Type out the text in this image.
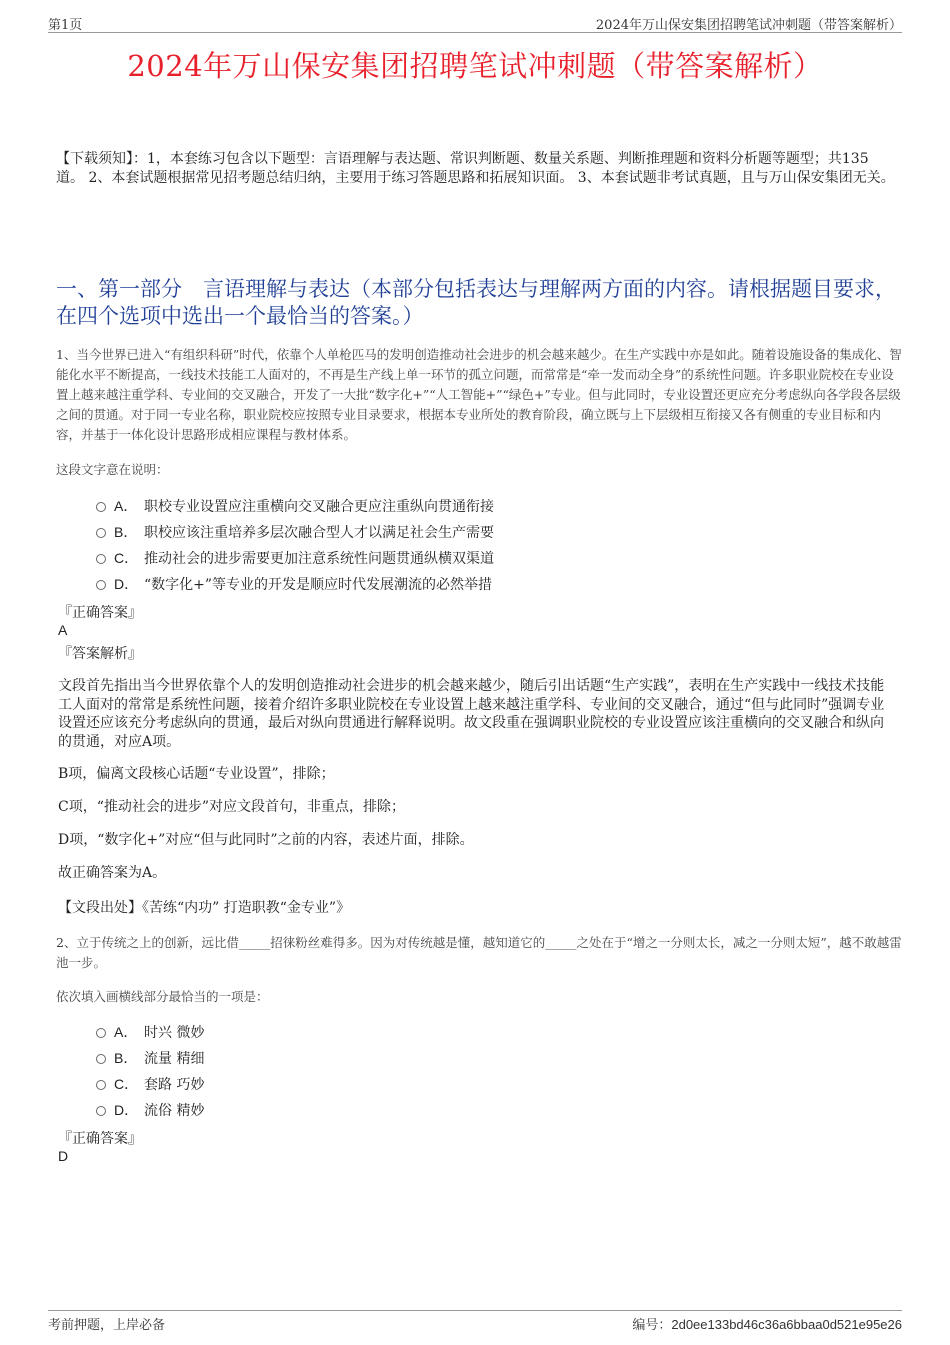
第1页	2024年万山保安集团招聘笔试冲刺题（带答案解析）
2024年万山保安集团招聘笔试冲刺题（带答案解析）
【下载须知】：1，本套练习包含以下题型：言语理解与表达题、常识判断题、数量关系题、判断推理题和资料分析题等题型；共135道。 2、本套试题根据常见招考题总结归纳，主要用于练习答题思路和拓展知识面。 3、本套试题非考试真题，且与万山保安集团无关。
一、第一部分　言语理解与表达（本部分包括表达与理解两方面的内容。请根据题目要求，在四个选项中选出一个最恰当的答案。）
1、当今世界已进入“有组织科研”时代，依靠个人单枪匹马的发明创造推动社会进步的机会越来越少。在生产实践中亦是如此。随着设施设备的集成化、智能化水平不断提高，一线技术技能工人面对的，不再是生产线上单一环节的孤立问题，而常常是“牵一发而动全身”的系统性问题。许多职业院校在专业设置上越来越注重学科、专业间的交叉融合，开发了一大批“数字化+”“人工智能+”“绿色+”专业。但与此同时，专业设置还更应充分考虑纵向各学段各层级之间的贯通。对于同一专业名称，职业院校应按照专业目录要求，根据本专业所处的教育阶段，确立既与上下层级相互衔接又各有侧重的专业目标和内容，并基于一体化设计思路形成相应课程与教材体系。
这段文字意在说明：
A． 职校专业设置应注重横向交叉融合更应注重纵向贯通衔接
B． 职校应该注重培养多层次融合型人才以满足社会生产需要
C． 推动社会的进步需要更加注意系统性问题贯通纵横双渠道
D． “数字化+”等专业的开发是顺应时代发展潮流的必然举措
『正确答案』
A
『答案解析』
文段首先指出当今世界依靠个人的发明创造推动社会进步的机会越来越少，随后引出话题“生产实践”，表明在生产实践中一线技术技能工人面对的常常是系统性问题，接着介绍许多职业院校在专业设置上越来越注重学科、专业间的交叉融合，通过“但与此同时”强调专业设置还应该充分考虑纵向的贯通，最后对纵向贯通进行解释说明。故文段重在强调职业院校的专业设置应该注重横向的交叉融合和纵向的贯通，对应A项。
B项，偏离文段核心话题“专业设置”，排除；
C项，“推动社会的进步”对应文段首句，非重点，排除；
D项，“数字化+”对应“但与此同时”之前的内容，表述片面，排除。
故正确答案为A。
【文段出处】《苦练“内功” 打造职教“金专业”》
2、立于传统之上的创新，远比借_____招徕粉丝难得多。因为对传统越是懂，越知道它的_____之处在于“增之一分则太长，减之一分则太短”，越不敢越雷池一步。
依次填入画横线部分最恰当的一项是：
A． 时兴 微妙
B． 流量 精细
C． 套路 巧妙
D． 流俗 精妙
『正确答案』
D
考前押题，上岸必备	编号：2d0ee133bd46c36a6bbaa0d521e95e26
